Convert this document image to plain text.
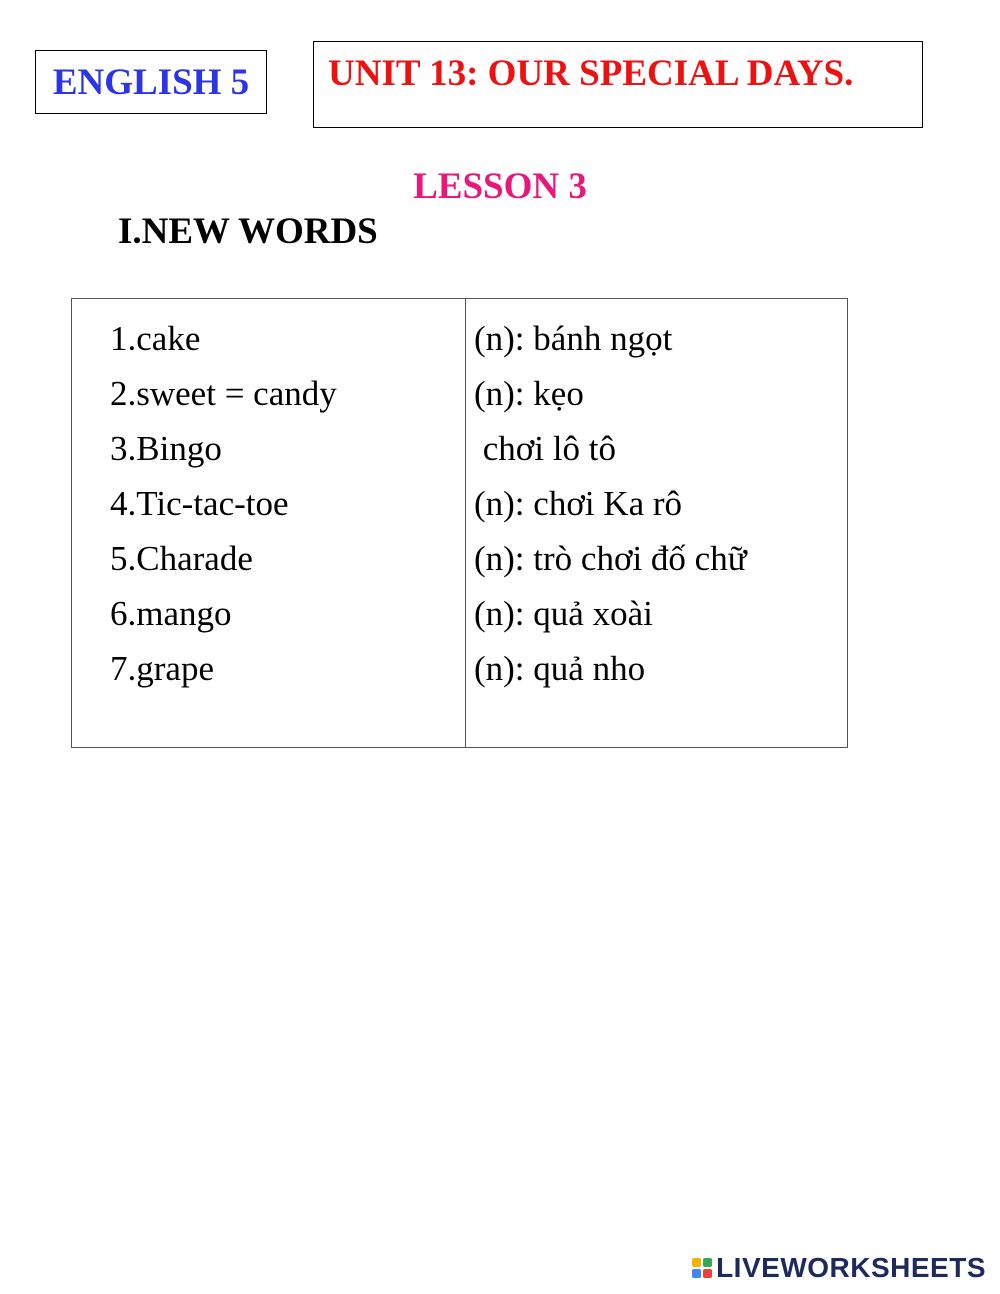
ENGLISH 5	UNIT 13: OUR SPECIAL DAYS.
LESSON 3
I.NEW WORDS
1.cake
2.sweet = candy
3.Bingo
4.Tic-tac-toe
5.Charade
6.mango
7.grape
(n): bánh ngọt
(n): kẹo
chơi lô tô
(n): chơi Ka rô
(n): trò chơi đố chữ
(n): quả xoài
(n): quả nho
LIVEWORKSHEETS
